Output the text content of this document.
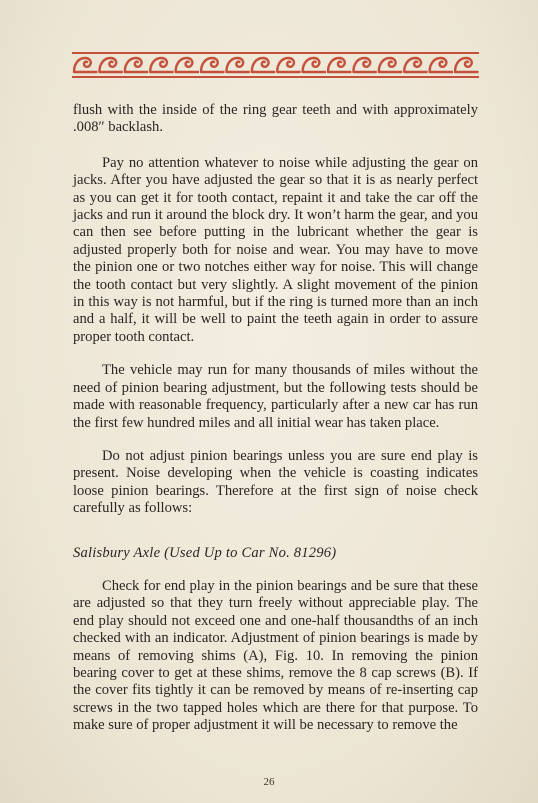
flush with the inside of the ring gear teeth and with approximately .008″ backlash.

Pay no attention whatever to noise while adjusting the gear on jacks. After you have adjusted the gear so that it is as nearly perfect as you can get it for tooth contact, repaint it and take the car off the jacks and run it around the block dry. It won’t harm the gear, and you can then see before putting in the lubricant whether the gear is adjusted properly both for noise and wear. You may have to move the pinion one or two notches either way for noise. This will change the tooth contact but very slightly. A slight movement of the pinion in this way is not harmful, but if the ring is turned more than an inch and a half, it will be well to paint the teeth again in order to assure proper tooth contact.

The vehicle may run for many thousands of miles without the need of pinion bearing adjustment, but the following tests should be made with reasonable frequency, particularly after a new car has run the first few hundred miles and all initial wear has taken place.

Do not adjust pinion bearings unless you are sure end play is present. Noise developing when the vehicle is coasting indicates loose pinion bearings. Therefore at the first sign of noise check carefully as follows:

Salisbury Axle (Used Up to Car No. 81296)

Check for end play in the pinion bearings and be sure that these are adjusted so that they turn freely without appreciable play. The end play should not exceed one and one-half thousandths of an inch checked with an indicator. Adjustment of pinion bearings is made by means of removing shims (A), Fig. 10. In removing the pinion bearing cover to get at these shims, remove the 8 cap screws (B). If the cover fits tightly it can be removed by means of re-inserting cap screws in the two tapped holes which are there for that purpose. To make sure of proper adjustment it will be necessary to remove the

26
